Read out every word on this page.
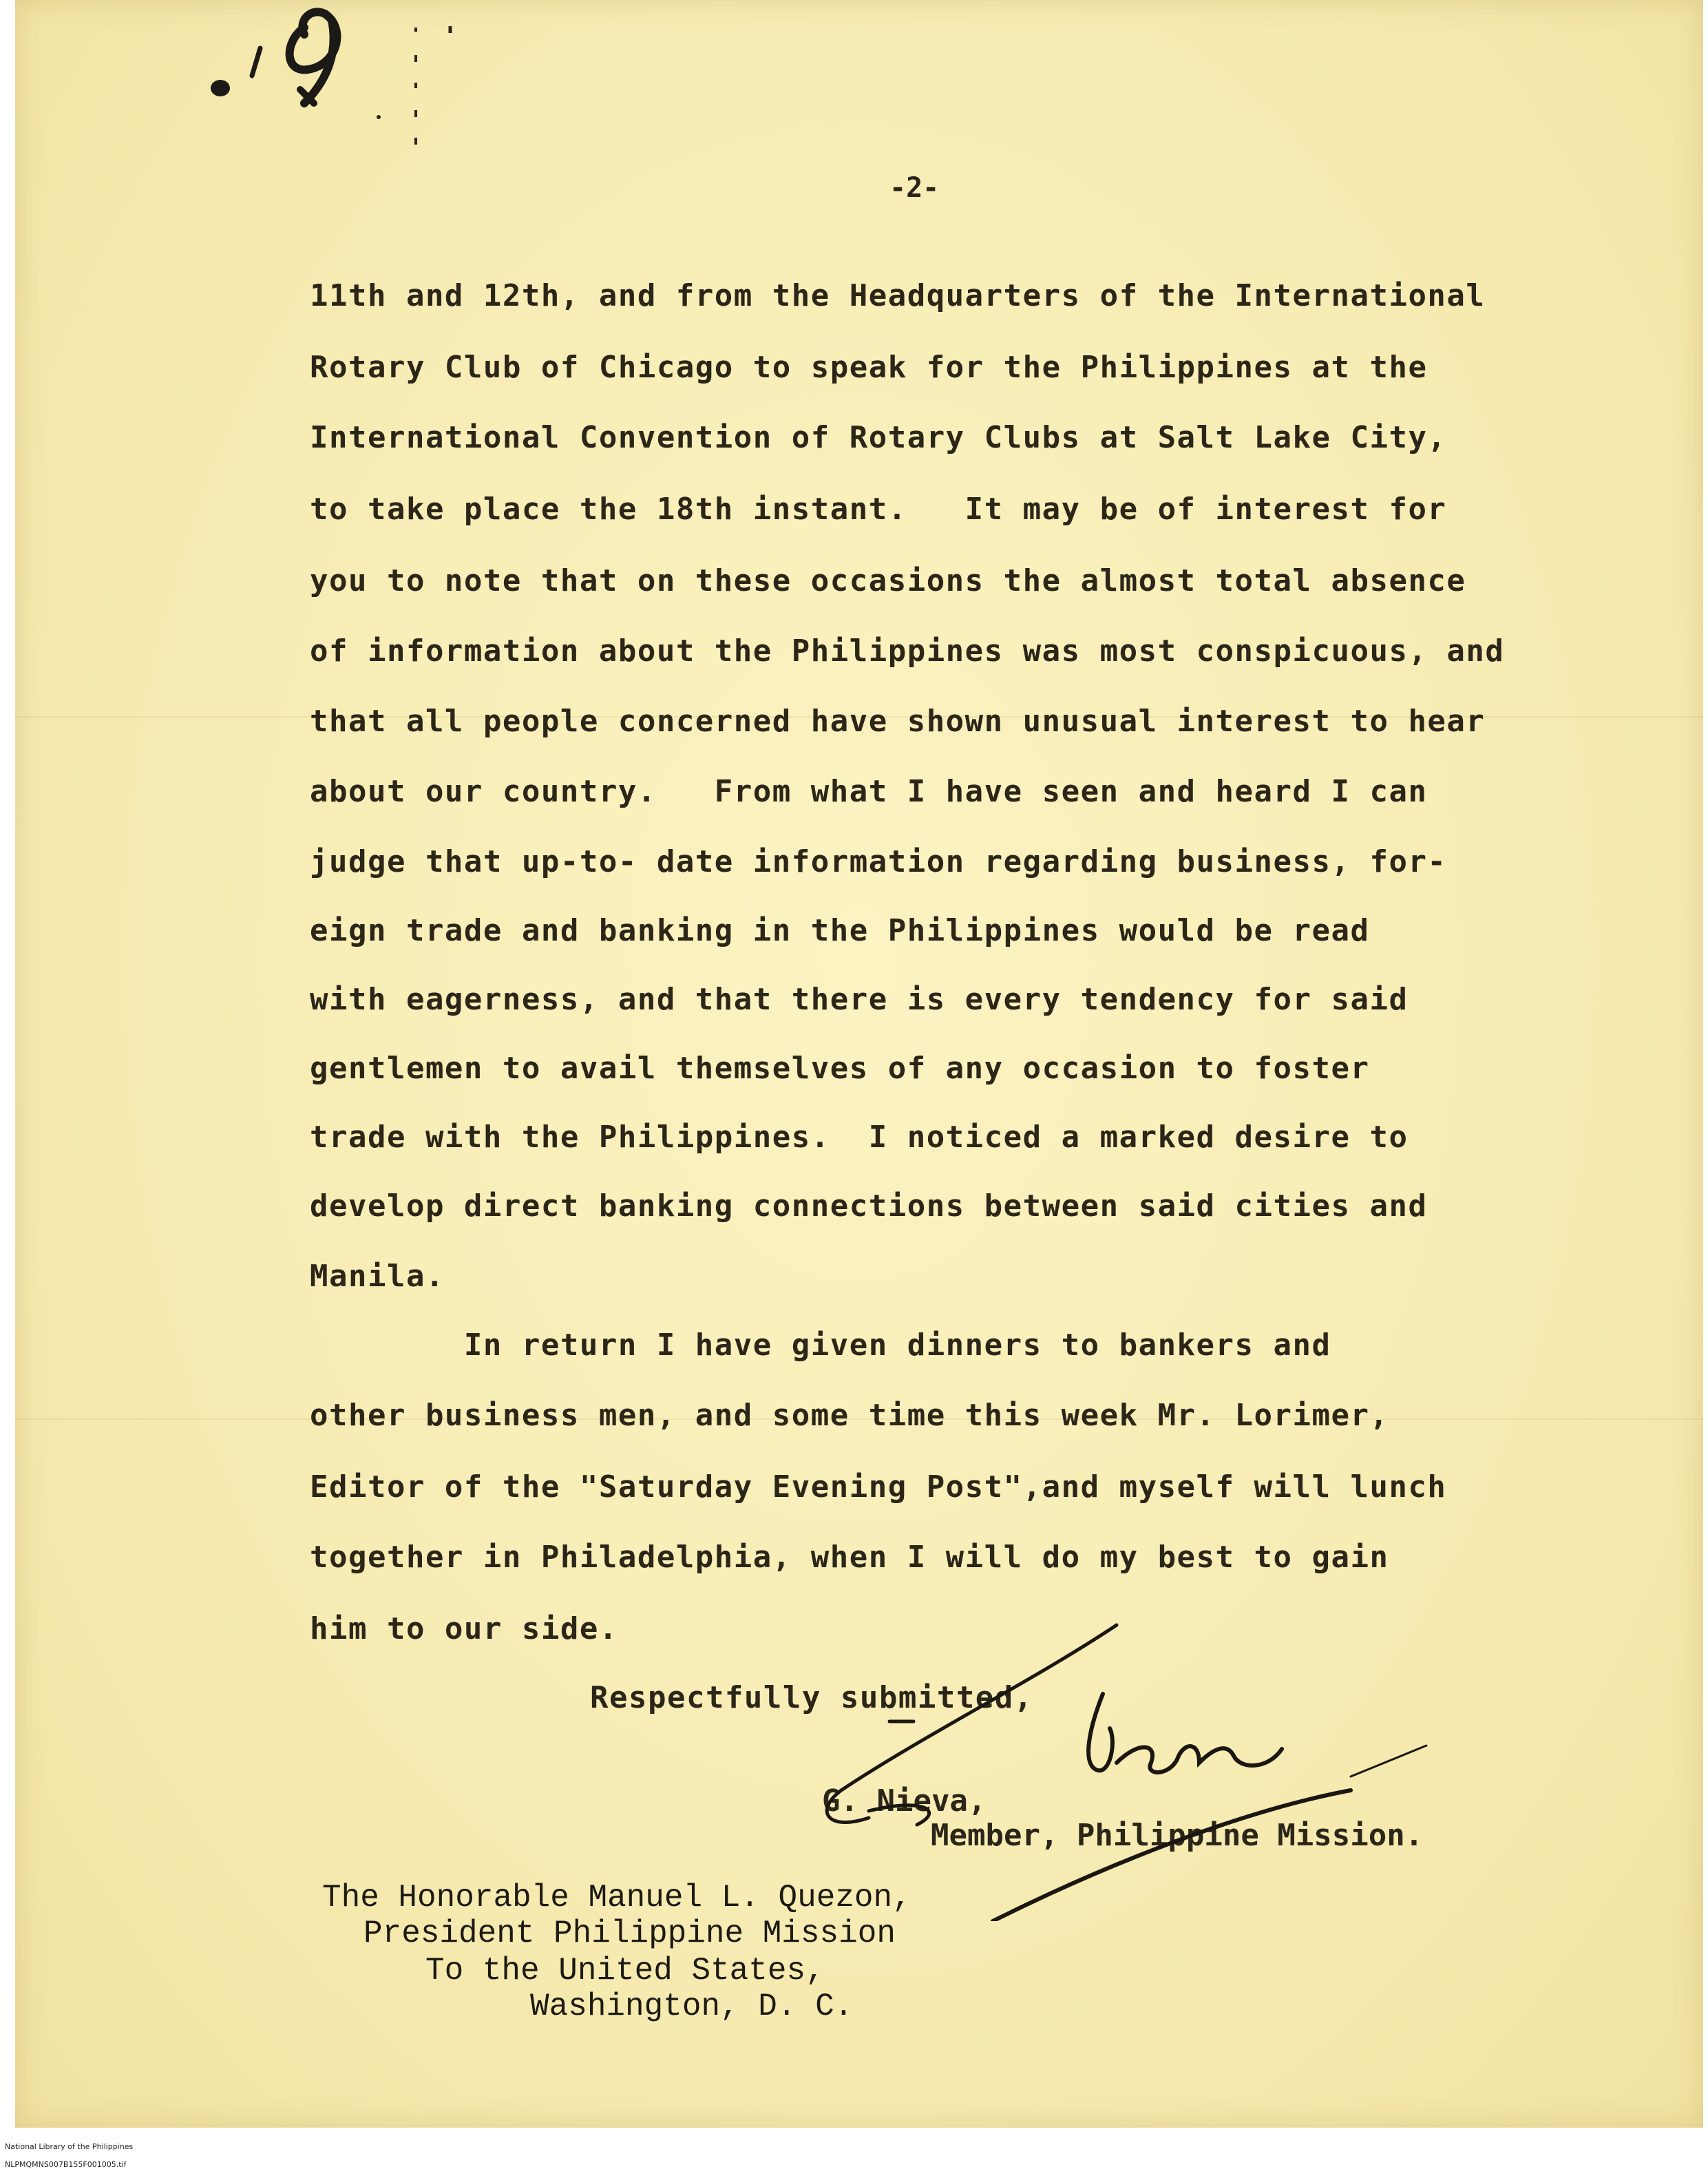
-2-
11th and 12th, and from the Headquarters of the International
Rotary Club of Chicago to speak for the Philippines at the
International Convention of Rotary Clubs at Salt Lake City,
to take place the 18th instant.   It may be of interest for
you to note that on these occasions the almost total absence
of information about the Philippines was most conspicuous, and
that all people concerned have shown unusual interest to hear
about our country.   From what I have seen and heard I can
judge that up-to- date information regarding business, for-
eign trade and banking in the Philippines would be read
with eagerness, and that there is every tendency for said
gentlemen to avail themselves of any occasion to foster
trade with the Philippines.  I noticed a marked desire to
develop direct banking connections between said cities and
Manila.
In return I have given dinners to bankers and
other business men, and some time this week Mr. Lorimer,
Editor of the "Saturday Evening Post",and myself will lunch
together in Philadelphia, when I will do my best to gain
him to our side.
Respectfully submitted,
G. Nieva,
Member, Philippine Mission.
The Honorable Manuel L. Quezon,
President Philippine Mission
To the United States,
Washington, D. C.

National Library of the Philippines

NLPMQMNS007B155F001005.tif
